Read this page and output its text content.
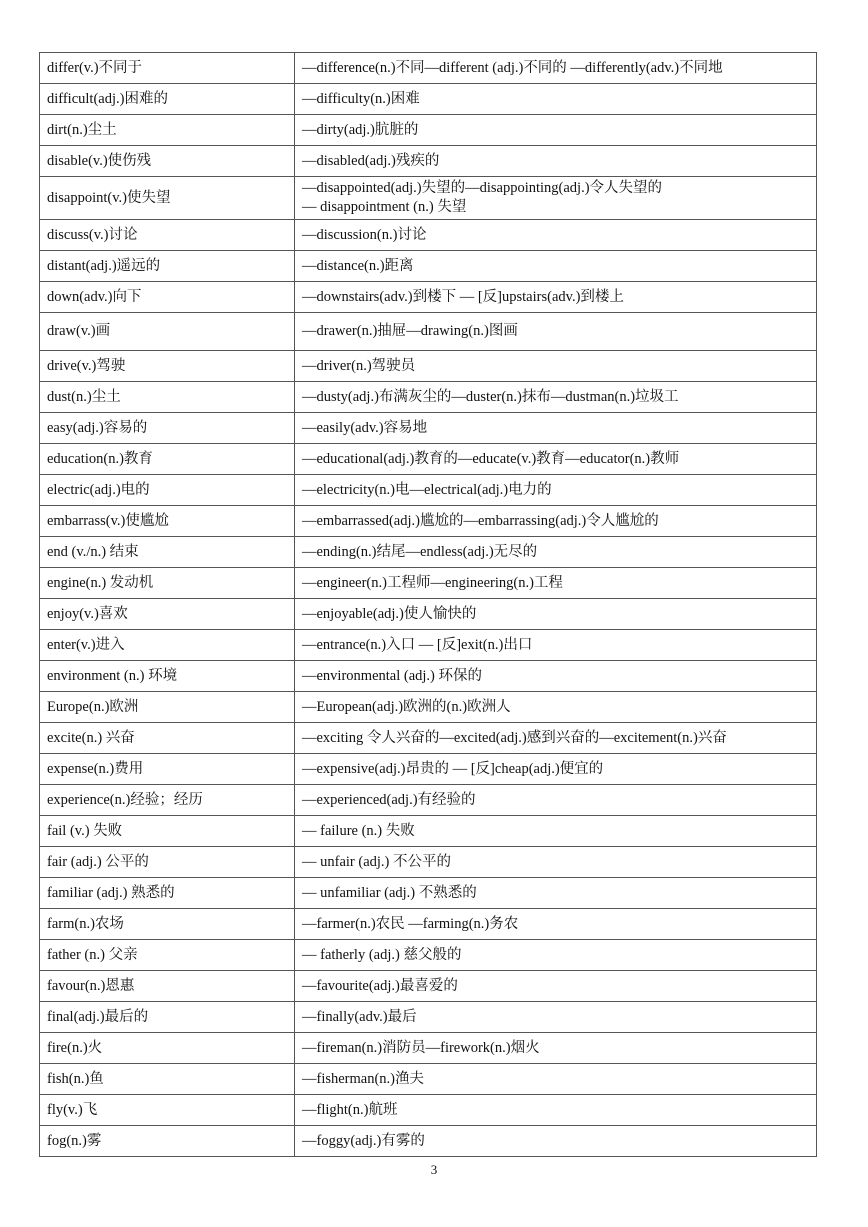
differ(v.)不同于	—difference(n.)不同—different (adj.)不同的 —differently(adv.)不同地

difficult(adj.)困难的	—difficulty(n.)困难

dirt(n.)尘土	—dirty(adj.)肮脏的

disable(v.)使伤残	—disabled(adj.)残疾的

disappoint(v.)使失望	—disappointed(adj.)失望的—disappointing(adj.)令人失望的
— disappointment (n.) 失望

discuss(v.)讨论	—discussion(n.)讨论

distant(adj.)遥远的	—distance(n.)距离

down(adv.)向下	—downstairs(adv.)到楼下 — [反]upstairs(adv.)到楼上

draw(v.)画	—drawer(n.)抽屉—drawing(n.)图画

drive(v.)驾驶	—driver(n.)驾驶员

dust(n.)尘土	—dusty(adj.)布满灰尘的—duster(n.)抹布—dustman(n.)垃圾工

easy(adj.)容易的	—easily(adv.)容易地

education(n.)教育	—educational(adj.)教育的—educate(v.)教育—educator(n.)教师

electric(adj.)电的	—electricity(n.)电—electrical(adj.)电力的

embarrass(v.)使尴尬	—embarrassed(adj.)尴尬的—embarrassing(adj.)令人尴尬的

end (v./n.) 结束	—ending(n.)结尾—endless(adj.)无尽的

engine(n.) 发动机	—engineer(n.)工程师—engineering(n.)工程

enjoy(v.)喜欢	—enjoyable(adj.)使人愉快的

enter(v.)进入	—entrance(n.)入口 — [反]exit(n.)出口

environment (n.) 环境	—environmental (adj.) 环保的

Europe(n.)欧洲	—European(adj.)欧洲的(n.)欧洲人

excite(n.) 兴奋	—exciting 令人兴奋的—excited(adj.)感到兴奋的—excitement(n.)兴奋

expense(n.)费用	—expensive(adj.)昂贵的 — [反]cheap(adj.)便宜的

experience(n.)经验；经历	—experienced(adj.)有经验的

fail (v.) 失败	— failure (n.) 失败

fair (adj.) 公平的	— unfair (adj.) 不公平的

familiar (adj.) 熟悉的	— unfamiliar (adj.) 不熟悉的

farm(n.)农场	—farmer(n.)农民 —farming(n.)务农

father (n.) 父亲	— fatherly (adj.) 慈父般的

favour(n.)恩惠	—favourite(adj.)最喜爱的

final(adj.)最后的	—finally(adv.)最后

fire(n.)火	—fireman(n.)消防员—firework(n.)烟火

fish(n.)鱼	—fisherman(n.)渔夫

fly(v.)飞	—flight(n.)航班

fog(n.)雾	—foggy(adj.)有雾的
3
